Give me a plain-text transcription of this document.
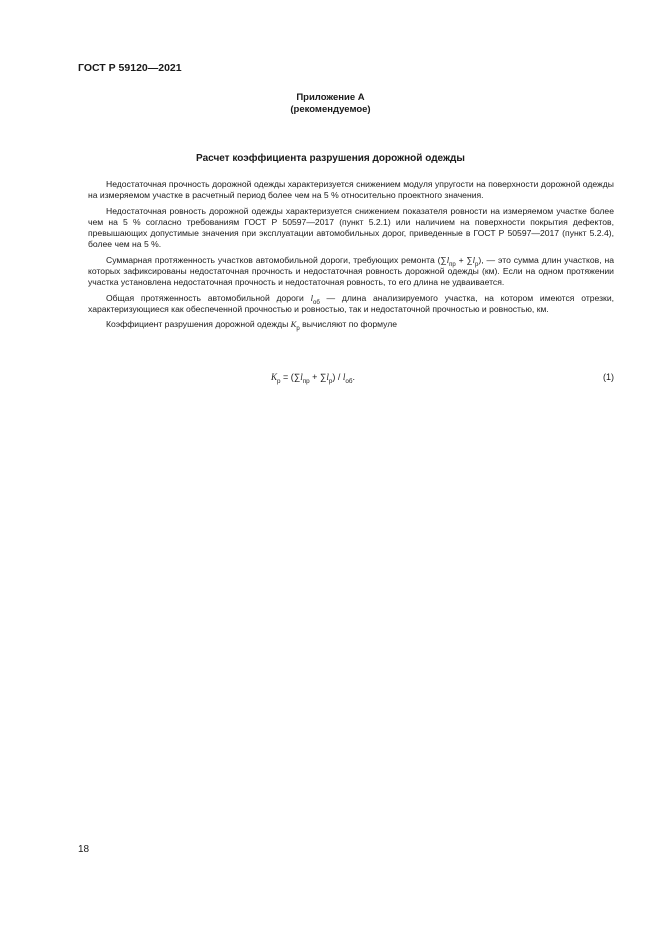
ГОСТ Р 59120—2021
Приложение А
(рекомендуемое)
Расчет коэффициента разрушения дорожной одежды

Недостаточная прочность дорожной одежды характеризуется снижением модуля упругости на поверхности дорожной одежды на измеряемом участке в расчетный период более чем на 5 % относительно проектного значения.

Недостаточная ровность дорожной одежды характеризуется снижением показателя ровности на измеряемом участке более чем на 5 % согласно требованиям ГОСТ Р 50597—2017 (пункт 5.2.1) или наличием на поверхности покрытия дефектов, превышающих допустимые значения при эксплуатации автомобильных дорог, приведенные в ГОСТ Р 50597—2017 (пункт 5.2.4), более чем на 5 %.

Суммарная протяженность участков автомобильной дороги, требующих ремонта $(\sum l_{пр} + \sum l_р)$, — это сумма длин участков, на которых зафиксированы недостаточная прочность и недостаточная ровность дорожной одежды (км). Если на одном протяжении участка установлена недостаточная прочность и недостаточная ровность, то его длина не удваивается.

Общая протяженность автомобильной дороги $l_{об}$ — длина анализируемого участка, на котором имеются отрезки, характеризующиеся как обеспеченной прочностью и ровностью, так и недостаточной прочностью и ровностью, км.

Коэффициент разрушения дорожной одежды $K_р$ вычисляют по формуле

$K_р = (\sum l_{пр} + \sum l_р) / l_{об}$.	(1)
18
